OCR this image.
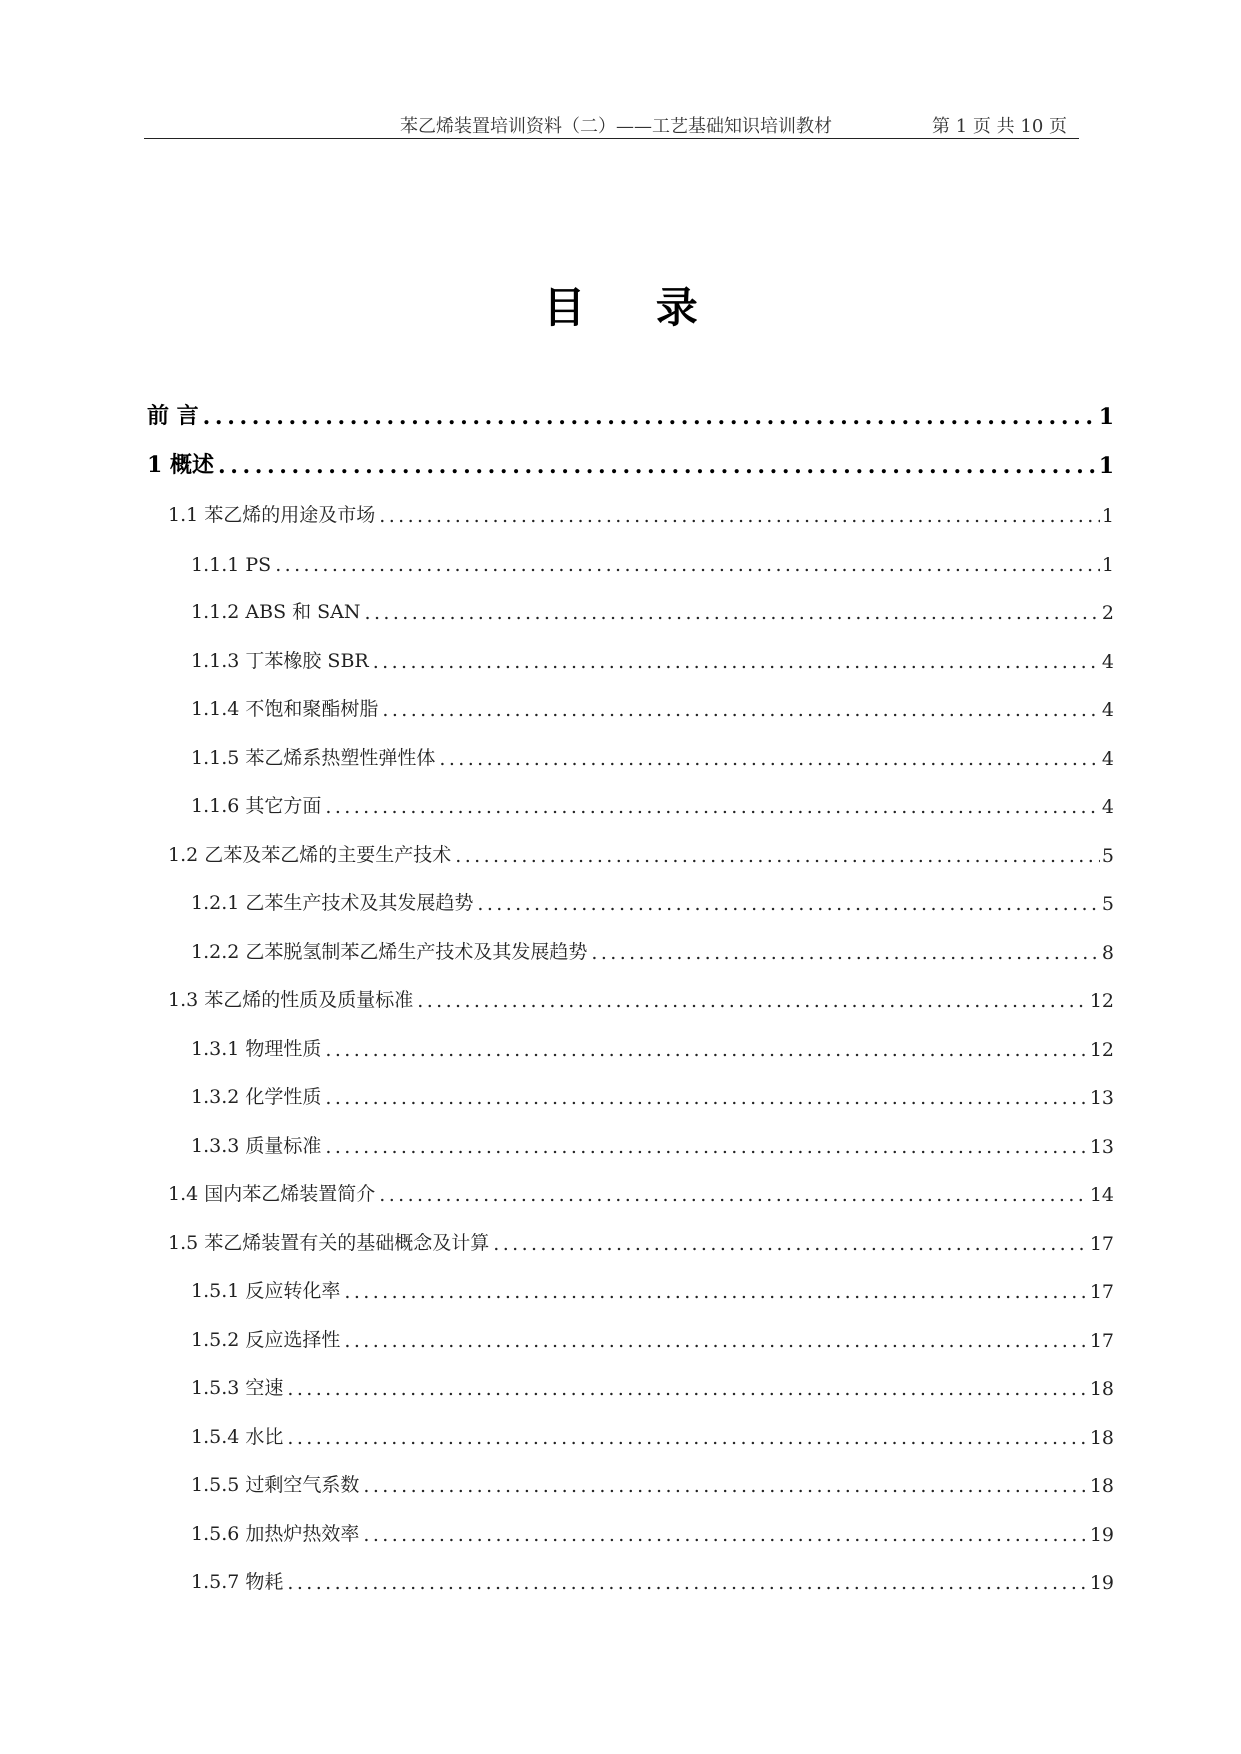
苯乙烯装置培训资料（二）——工艺基础知识培训教材	第 1 页 共 10 页
目 录
前 言 .....	1
1 概述 .....	1
1.1 苯乙烯的用途及市场 .....	1
1.1.1 PS .....	1
1.1.2 ABS 和 SAN .....	2
1.1.3 丁苯橡胶 SBR .....	4
1.1.4 不饱和聚酯树脂 .....	4
1.1.5 苯乙烯系热塑性弹性体 .....	4
1.1.6 其它方面 .....	4
1.2 乙苯及苯乙烯的主要生产技术 .....	5
1.2.1 乙苯生产技术及其发展趋势 .....	5
1.2.2 乙苯脱氢制苯乙烯生产技术及其发展趋势 .....	8
1.3 苯乙烯的性质及质量标准 .....	12
1.3.1 物理性质 .....	12
1.3.2 化学性质 .....	13
1.3.3 质量标准 .....	13
1.4 国内苯乙烯装置简介 .....	14
1.5 苯乙烯装置有关的基础概念及计算 .....	17
1.5.1 反应转化率 .....	17
1.5.2 反应选择性 .....	17
1.5.3 空速 .....	18
1.5.4 水比 .....	18
1.5.5 过剩空气系数 .....	18
1.5.6 加热炉热效率 .....	19
1.5.7 物耗 .....	19
